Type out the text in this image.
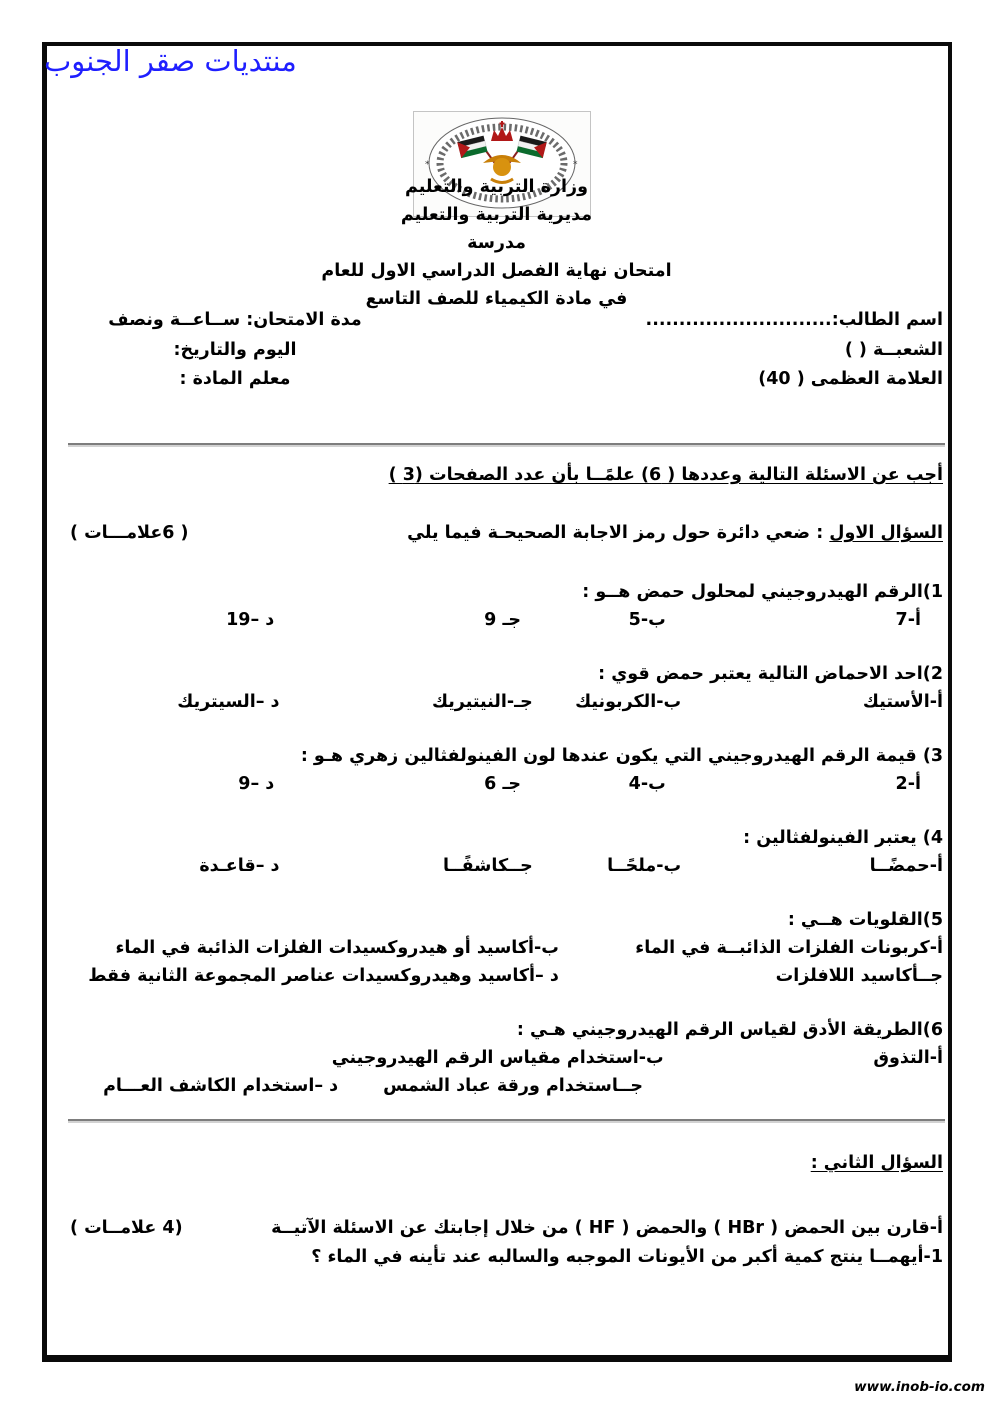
منتديات صقر الجنوب
*	*
وزارة التربية والتعليم
مديرية التربية والتعليم
مدرسة
امتحان نهاية الفصل الدراسي الاول للعام
في مادة الكيمياء للصف التاسع
اسم الطالب:............................
الشعبــة ( )
العلامة العظمى ( 40)
مدة الامتحان: ســاعــة ونصف
اليوم والتاريخ:
معلم المادة :
أجب عن الاسئلة التالية وعددها ( 6) علمًــا بأن عدد الصفحات (3 )
السؤال الاول : ضعي دائرة حول رمز الاجابة الصحيحـة فيما يلي
( 6علامـــات )
1)الرقم الهيدروجيني لمحلول حمض هــو :
أ-7
ب-5
جـ 9
د –19
2)احد الاحماض التالية يعتبر حمض قوي :
أ-الأستيك
ب-الكربونيك
جـ-النيتيريك
د –السيتريك
3) قيمة الرقم الهيدروجيني التي يكون عندها لون الفينولفثالين زهري هـو :
أ-2
ب-4
جـ 6
د –9
4) يعتبر الفينولفثالين :
أ-حمضًــا
ب-ملحًــا
جــكاشفًــا
د –قاعـدة
5)القلويات هــي :
أ-كربونات الفلزات الذائبــة في الماء
ب-أكاسيد أو هيدروكسيدات الفلزات الذائبة في الماء
جــأكاسيد اللافلزات
د –أكاسيد وهيدروكسيدات عناصر المجموعة الثانية فقط
6)الطريقة الأدق لقياس الرقم الهيدروجيني هـي :
أ-التذوق
ب-استخدام مقياس الرقم الهيدروجيني
جــاستخدام ورقة عباد الشمس
د –استخدام الكاشف العـــام
السؤال الثاني :
أ-قارن بين الحمض ( HBr ) والحمض ( HF ) من خلال إجابتك عن الاسئلة الآتيــة
(4 علامــات )
1-أيهمــا ينتج كمية أكبر من الأيونات الموجبه والسالبه عند تأينه في الماء ؟
www.inob-io.com
